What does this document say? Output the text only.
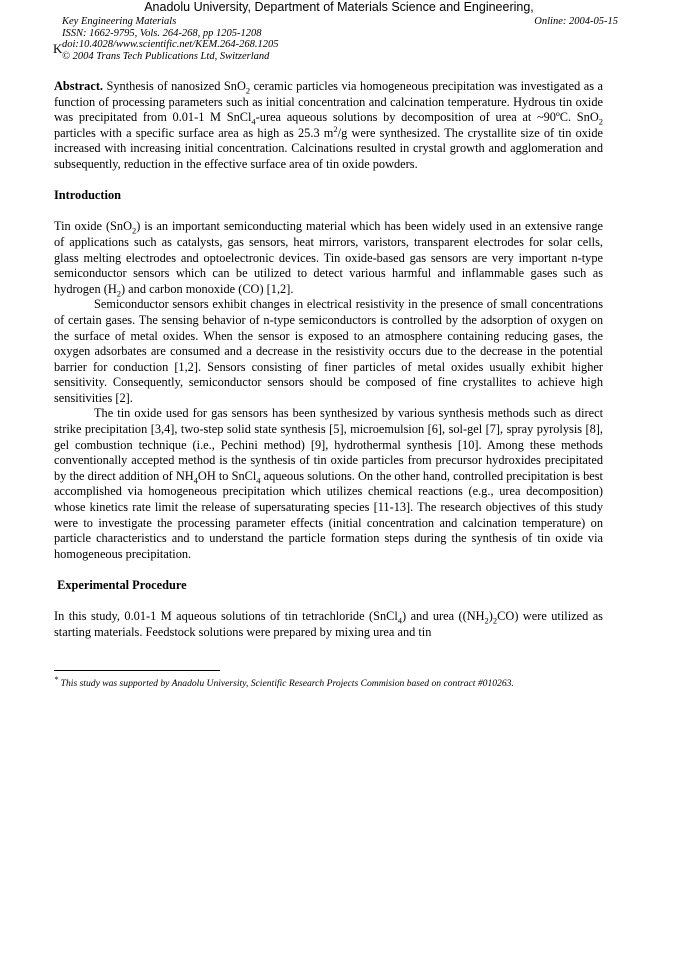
Anadolu University, Department of Materials Science and Engineering,
Key Engineering Materials	Online: 2004-05-15
ISSN: 1662-9795, Vols. 264-268, pp 1205-1208
doi:10.4028/www.scientific.net/KEM.264-268.1205
© 2004 Trans Tech Publications Ltd, Switzerland
K

Abstract. Synthesis of nanosized SnO$_2$ ceramic particles via homogeneous precipitation was investigated as a function of processing parameters such as initial concentration and calcination temperature. Hydrous tin oxide was precipitated from 0.01-1 M SnCl$_4$-urea aqueous solutions by decomposition of urea at ~90ºC. SnO$_2$ particles with a specific surface area as high as 25.3 $m^2/g$ were synthesized. The crystallite size of tin oxide increased with increasing initial concentration. Calcinations resulted in crystal growth and agglomeration and subsequently, reduction in the effective surface area of tin oxide powders.

Introduction

Tin oxide (SnO$_2$) is an important semiconducting material which has been widely used in an extensive range of applications such as catalysts, gas sensors, heat mirrors, varistors, transparent electrodes for solar cells, glass melting electrodes and optoelectronic devices. Tin oxide-based gas sensors are very important n-type semiconductor sensors which can be utilized to detect various harmful and inflammable gases such as hydrogen $(H_2)$ and carbon monoxide (CO) [1,2].

Semiconductor sensors exhibit changes in electrical resistivity in the presence of small concentrations of certain gases. The sensing behavior of n-type semiconductors is controlled by the adsorption of oxygen on the surface of metal oxides. When the sensor is exposed to an atmosphere containing reducing gases, the oxygen adsorbates are consumed and a decrease in the resistivity occurs due to the decrease in the potential barrier for conduction [1,2]. Sensors consisting of finer particles of metal oxides usually exhibit higher sensitivity. Consequently, semiconductor sensors should be composed of fine crystallites to achieve high sensitivities [2].

The tin oxide used for gas sensors has been synthesized by various synthesis methods such as direct strike precipitation [3,4], two-step solid state synthesis [5], microemulsion [6], sol-gel [7], spray pyrolysis [8], gel combustion technique (i.e., Pechini method) [9], hydrothermal synthesis [10]. Among these methods conventionally accepted method is the synthesis of tin oxide particles from precursor hydroxides precipitated by the direct addition of $NH_4OH$ to SnCl$_4$ aqueous solutions. On the other hand, controlled precipitation is best accomplished via homogeneous precipitation which utilizes chemical reactions (e.g., urea decomposition) whose kinetics rate limit the release of supersaturating species [11-13]. The research objectives of this study were to investigate the processing parameter effects (initial concentration and calcination temperature) on particle characteristics and to understand the particle formation steps during the synthesis of tin oxide via homogeneous precipitation.

Experimental Procedure

In this study, 0.01-1 M aqueous solutions of tin tetrachloride (SnCl$_4$) and urea $((NH_2)_2CO)$ were utilized as starting materials. Feedstock solutions were prepared by mixing urea and tin

* This study was supported by Anadolu University, Scientific Research Projects Commision based on contract #010263.
